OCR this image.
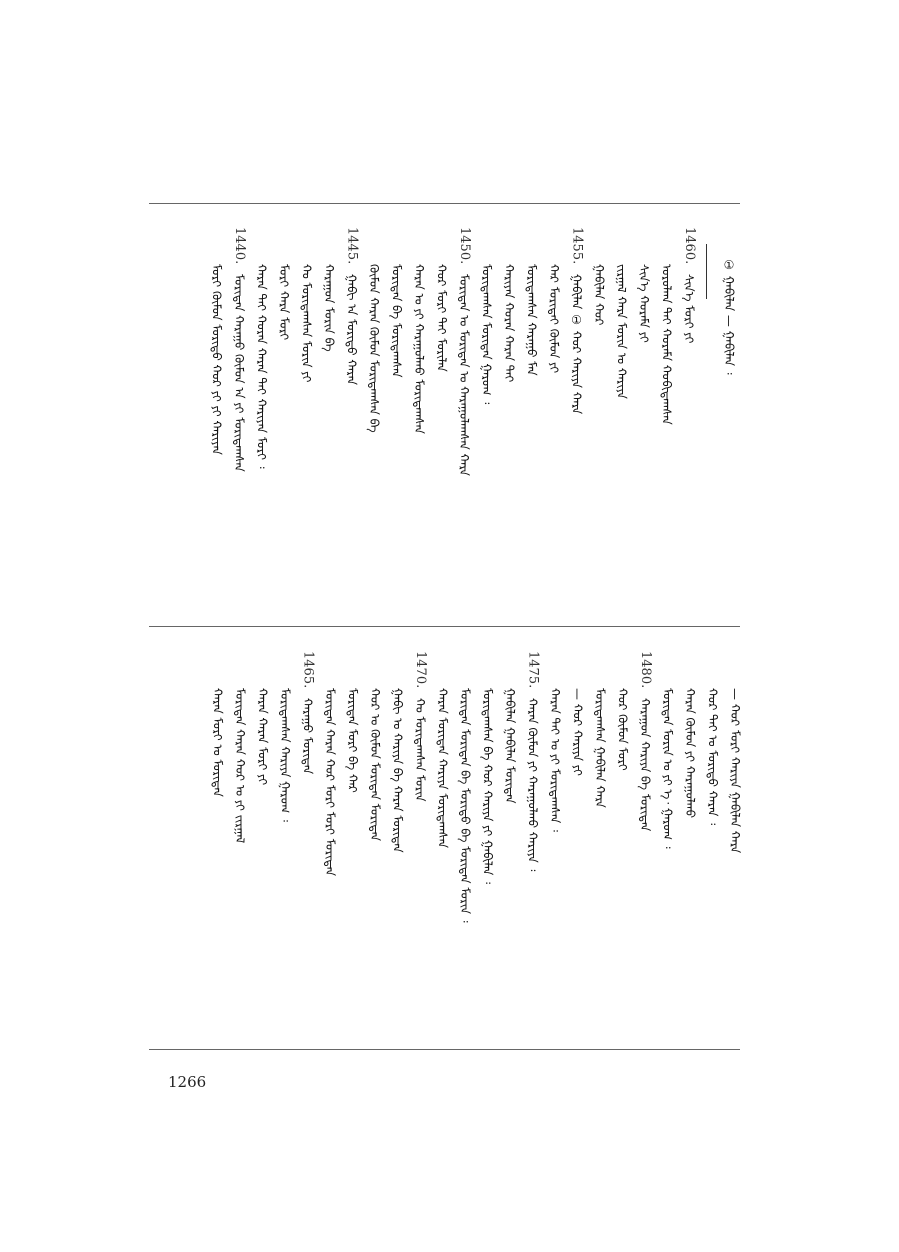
① ᠭᠠᠪᠢᠯᠠᠨ — ᠭᠠᠪᠢᠯᠠᠨ ᠄
1460.
ᠰᠢᠨ᠎ᠡ ᠮᠣᠷᠢ ᠶᠢ
ᠤᠷᠤᠯᠬᠠ ᠲᠠᠢ ᠬᠤᠷᠠᠮᠠ ᠬᠣᠪᠢᠳᠠᠭᠰᠠᠨ
ᠰᠢᠨ᠎ᠡ ᠬᠤᠷᠠᠮᠠ ᠶᠢ
ᠵᠢᠷᠭᠠᠯ ᠬᠠᠷᠠ ᠮᠣᠷᠢᠨ ᠤ ᠬᠠᠷᠢᠶᠠ
ᠭᠠᠪᠢᠯᠠᠨ ᠬᠣᠷ
1455.
ᠭᠠᠪᠢᠯᠠᠨ ① ᠬᠣᠷ ᠬᠠᠷᠢᠶᠠ ᠬᠠᠷᠠ
ᠬᠠᠷ ᠮᠣᠷᠢᠳᠠᠢ ᠬᠦᠮᠦᠨ ᠶᠢ
ᠮᠣᠷᠢᠳᠠᠭᠰᠠᠨ ᠬᠠᠷᠠᠭᠤ ᠮᠠᠨ
ᠬᠠᠷᠢᠶᠠᠨ ᠬᠣᠷᠠᠨ ᠬᠠᠷᠠᠨ ᠲᠠᠢ
ᠮᠣᠷᠢᠳᠠᠭᠰᠠᠨ ᠮᠣᠷᠢᠳᠠᠨ ᠭᠠᠷᠤᠭ ᠄
1450.
ᠮᠣᠷᠢᠳᠠᠨ ᠤ ᠮᠣᠷᠢᠳᠠᠨ ᠤ ᠬᠠᠷᠠᠭᠤᠯᠠᠭᠰᠠᠨ ᠬᠠᠷᠠ
ᠬᠣᠷ ᠮᠣᠷᠢ ᠲᠠᠢ ᠮᠣᠷᠢᠯᠠᠨ
ᠬᠠᠷᠠᠨ ᠤ ᠶᠢ ᠬᠠᠷᠠᠭᠤᠯᠬᠤ ᠮᠣᠷᠢᠳᠠᠭᠰᠠᠨ
ᠮᠣᠷᠢᠳᠠᠨ ᠪᠡ ᠮᠣᠷᠢᠳᠠᠭᠰᠠᠨ
ᠬᠦᠮᠦᠨ ᠬᠠᠷᠠᠨ ᠬᠦᠮᠦᠨ ᠮᠣᠷᠢᠳᠠᠭᠰᠠᠨ ᠪᠠ
1445.
ᠭᠠᠪᠢ ᠠ ᠮᠣᠷᠢᠳᠤ ᠬᠠᠷᠠᠨ
ᠬᠠᠷᠠᠭᠤᠨ ᠮᠣᠷᠢᠨ ᠪᠠ
ᠬᠣ ᠮᠣᠷᠢᠳᠠᠭᠰᠠᠨ ᠮᠣᠷᠢᠨ ᠶᠢ
ᠮᠣᠷᠢ ᠬᠠᠷᠠ ᠮᠣᠷᠢ
ᠬᠠᠷᠠᠨ ᠲᠠᠢ ᠬᠣᠷᠠᠨ ᠬᠠᠷᠠᠨ ᠲᠠᠢ ᠬᠠᠷᠢᠶᠠᠨ ᠮᠣᠷᠢ ᠄
1440.
ᠮᠣᠷᠢᠳᠠᠨ ᠬᠠᠷᠠᠭᠤ ᠬᠦᠮᠦᠨ ᠠ ᠶᠢ ᠮᠣᠷᠢᠳᠠᠭᠰᠠᠨ
ᠮᠣᠷᠢ ᠬᠦᠮᠦᠨ ᠮᠣᠷᠢᠳᠤ ᠬᠣᠷ ᠶᠢ ᠶᠢ ᠬᠠᠷᠢᠶᠠᠨ
— ᠬᠣᠷ ᠮᠣᠷᠢ ᠬᠠᠷᠢᠶᠠ ᠭᠠᠪᠢᠯᠠᠨ ᠬᠠᠷᠠ
ᠬᠣᠷ ᠲᠠᠢ ᠤ ᠮᠣᠷᠢᠳᠤ ᠬᠠᠷᠠᠨ ᠄
ᠬᠠᠷᠠᠨ ᠬᠦᠮᠦᠨ ᠶᠢ ᠬᠠᠷᠠᠭᠤᠯᠬᠤ
ᠮᠣᠷᠢᠳᠠᠨ ᠮᠣᠷᠢᠨ ᠤ ᠶᠢ ᠡ᠂ ᠭᠠᠷᠤᠭ ᠄
1480.
ᠬᠠᠷᠠᠭᠤᠨ ᠬᠠᠷᠢᠶᠠ ᠪᠠ ᠮᠣᠷᠢᠳᠠᠨ
ᠬᠣᠷ ᠬᠦᠮᠦᠨ ᠮᠣᠷᠢ
ᠮᠣᠷᠢᠳᠠᠭᠰᠠᠨ ᠭᠠᠪᠢᠯᠠᠨ ᠬᠠᠷᠠ
— ᠬᠣᠷ ᠬᠠᠷᠢᠶᠠ ᠶᠢ
ᠬᠠᠷᠠᠨ ᠲᠠᠢ ᠤ ᠶᠢ ᠮᠣᠷᠢᠳᠠᠭᠰᠠᠨ ᠄
1475.
ᠬᠠᠷᠠᠨ ᠬᠦᠮᠦᠨ ᠶᠢ ᠬᠠᠷᠠᠭᠤᠯᠬᠤ ᠬᠠᠷᠢᠶᠠ ᠄
ᠭᠠᠪᠢᠯᠠᠨ ᠭᠠᠪᠢᠯᠠᠨ ᠮᠣᠷᠢᠳᠠᠨ
ᠮᠣᠷᠢᠳᠠᠭᠰᠠᠨ ᠪᠠ ᠬᠣᠷ ᠬᠠᠷᠢᠶᠠ ᠶᠢ ᠭᠠᠪᠢᠯᠠᠨ ᠄
ᠮᠣᠷᠢᠳᠠᠨ ᠮᠣᠷᠢᠳᠠᠨ ᠪᠠ ᠮᠣᠷᠢᠳᠤ ᠪᠠ ᠮᠣᠷᠢᠳᠠᠨ ᠮᠣᠷᠢᠨ ᠄
ᠬᠠᠷᠠᠨ ᠮᠣᠷᠢᠳᠠᠨ ᠬᠠᠷᠢᠶᠠ ᠮᠣᠷᠢᠳᠠᠭᠰᠠᠨ
1470.
ᠬᠣ ᠮᠣᠷᠢᠳᠠᠭᠰᠠᠨ ᠮᠣᠷᠢᠨ
ᠭᠠᠪᠢ ᠤ ᠬᠠᠷᠢᠶᠠ ᠪᠠ ᠬᠠᠷᠠᠨ ᠮᠣᠷᠢᠳᠠᠨ
ᠬᠣᠷ ᠤ ᠬᠦᠮᠦᠨ ᠮᠣᠷᠢᠳᠠᠨ ᠮᠣᠷᠢᠳᠠᠨ
ᠮᠣᠷᠢᠳᠠᠨ ᠮᠣᠷᠢ ᠪᠠ ᠬᠠᠷ
ᠮᠣᠷᠢᠳᠠᠨ ᠬᠠᠷᠠᠨ ᠬᠣᠷ ᠮᠣᠷᠢ ᠮᠣᠷᠢ ᠮᠣᠷᠢᠳᠠᠨ
1465.
ᠬᠠᠷᠠᠭᠤ ᠮᠣᠷᠢᠳᠠᠨ
ᠮᠣᠷᠢᠳᠠᠭᠰᠠᠨ ᠬᠠᠷᠢᠶᠠ ᠭᠠᠷᠤᠭ ᠄
ᠬᠠᠷᠠᠨ ᠬᠠᠷᠠᠨ ᠮᠣᠷᠢ ᠶᠢ
ᠮᠣᠷᠢᠳᠠᠨ ᠬᠠᠷᠠᠨ ᠬᠣᠷ ᠤ ᠶᠢ ᠵᠢᠷᠭᠠᠯ
ᠬᠠᠷᠠᠨ ᠮᠣᠷᠢ ᠤ ᠮᠣᠷᠢᠳᠠᠨ
1266
